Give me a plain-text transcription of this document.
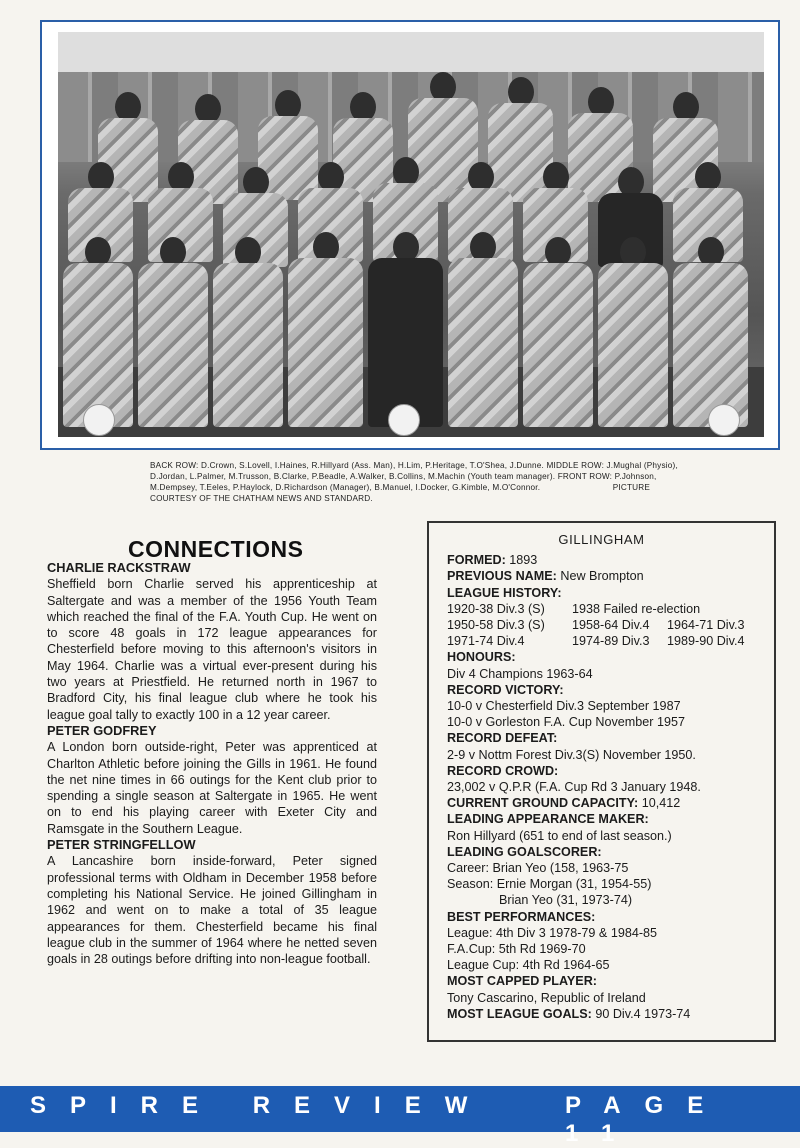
BACK ROW: D.Crown, S.Lovell, I.Haines, R.Hillyard (Ass. Man), H.Lim, P.Heritage, T.O'Shea, J.Dunne. MIDDLE ROW: J.Mughal (Physio), D.Jordan, L.Palmer, M.Trusson, B.Clarke, P.Beadle, A.Walker, B.Collins, M.Machin (Youth team manager). FRONT ROW: P.Johnson, M.Dempsey, T.Eeles, P.Haylock, D.Richardson (Manager), B.Manuel, I.Docker, G.Kimble, M.O'Connor.	PICTURE COURTESY OF THE CHATHAM NEWS AND STANDARD.
CONNECTIONS
CHARLIE RACKSTRAW

Sheffield born Charlie served his apprenticeship at Saltergate and was a member of the 1956 Youth Team which reached the final of the F.A. Youth Cup. He went on to score 48 goals in 172 league appearances for Chesterfield before moving to this afternoon's visitors in May 1964. Charlie was a virtual ever-present during his two years at Priestfield. He returned north in 1967 to Bradford City, his final league club where he took his league goal tally to exactly 100 in a 12 year career.

PETER GODFREY

A London born outside-right, Peter was apprenticed at Charlton Athletic before joining the Gills in 1961. He found the net nine times in 66 outings for the Kent club prior to spending a single season at Saltergate in 1965. He went on to end his playing career with Exeter City and Ramsgate in the Southern League.

PETER STRINGFELLOW

A Lancashire born inside-forward, Peter signed professional terms with Oldham in December 1958 before completing his National Service. He joined Gillingham in 1962 and went on to make a total of 35 league appearances for them. Chesterfield became his final league club in the summer of 1964 where he netted seven goals in 28 outings before drifting into non-league football.

GILLINGHAM
FORMED: 1893
PREVIOUS NAME: New Brompton
LEAGUE HISTORY:
1920-38 Div.3 (S)	1938 Failed re-election
1950-58 Div.3 (S)	1958-64 Div.4	1964-71 Div.3
1971-74 Div.4	1974-89 Div.3	1989-90 Div.4
HONOURS:
Div 4 Champions 1963-64
RECORD VICTORY:
10-0 v Chesterfield Div.3 September 1987
10-0 v Gorleston F.A. Cup November 1957
RECORD DEFEAT:
2-9 v Nottm Forest Div.3(S) November 1950.
RECORD CROWD:
23,002 v Q.P.R (F.A. Cup Rd 3 January 1948.
CURRENT GROUND CAPACITY: 10,412
LEADING APPEARANCE MAKER:
Ron Hillyard (651 to end of last season.)
LEADING GOALSCORER:
Career: Brian Yeo (158, 1963-75
Season: Ernie Morgan (31, 1954-55)
Brian Yeo (31, 1973-74)
BEST PERFORMANCES:
League: 4th Div 3 1978-79 & 1984-85
F.A.Cup: 5th Rd 1969-70
League Cup: 4th Rd 1964-65
MOST CAPPED PLAYER:
Tony Cascarino, Republic of Ireland
MOST LEAGUE GOALS: 90 Div.4 1973-74
SPIRE REVIEW	PAGE 11
